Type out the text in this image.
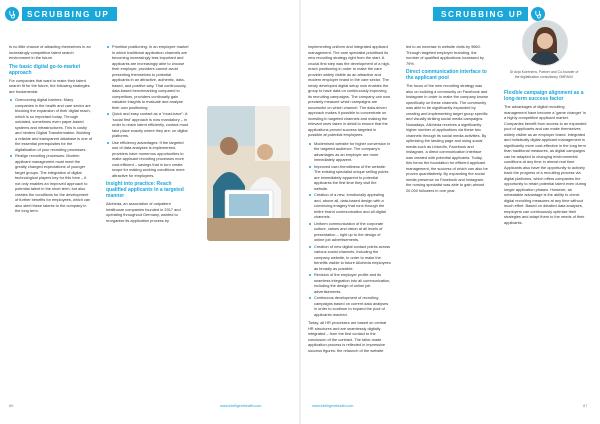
SCRUBBING UP

Is no little chance of attracting themselves in an increasingly competitive talent search environment in the future.

The basic digital go-to-market approach

For companies that want to make their talent search fit for the future, the following strategies are fundamental:

Overcoming digital barriers: Many companies in the health and care sector are blocking the expansion of their digital reach, which is so important today. Through outdated, sometimes even paper-based systems and infrastructures. This is costly and hinders Digital Transformation. Building a reliable and transparent database is one of the essential prerequisites for the digitalisation of your recruiting processes.
Realign recruiting processes: Modern applicant management must meet the greatly changed expectations of younger target groups. The integration of digital technological players key for this here – it not only enables an improved approach to potential talent in the short term, but also creates the conditions for the development of further benefits for employees, which can also steel these talents to the company in the long term.
Prioritise positioning: In an employee market in which traditional application channels are becoming increasingly less important and applicants are increasingly able to choose their employer, providers cannot avoid presenting themselves to potential applicants in an attractive, authentic, data-based, and positive way. That continuously, data-based benchmarking compared to competitors, providers continually gain valuable insights to evaluate and analyse their own positioning.
Quick and easy contact as a "must-have": A 'social first' approach is now mandatory – in order to reach talent efficiently, contact must take place exactly where they are: on digital platforms.
Use efficiency advantages: If the targeted use of data analyses is implemented, providers have numerous opportunities to make applicant recruiting processes more cost-efficient – savings that in turn create scope for making working conditions more attractive for employees.
Insight into practice: Reach qualified applicants in a targeted manner

Alloheda, an association of outpatient healthcare companies founded in 2017 and operating throughout Germany, wanted to reorganise its application process by

86	www.intelligenthealth.com
SCRUBBING UP

implementing uniform and integrated applicant management. The care specialist prioritised its new recruiting strategy right from the start. A crucial first step was the development of a high-reach positioning in order to make the care provider widely visible as an attractive and modern employer brand in the care sector. The newly developed digital setup now enables the group to have data on continuously improving its recruiting campaigns. The company can now precisely measure which campaigns are successful on which channel. The data-driven approach makes it possible to concentrate on investing in targeted channels and making the relevant ones taken in detail to ensure that the applications proved success targeted in possible at potential employees.

Modernised website for higher conversion in the targeted audience. The company's advantages as an employer are more immediately apparent.
Improved user-friendliness of the website: The existing specialist unique selling points are immediately apparent to potential applicants the first time they visit the website.
Creation of a new, emotionally appealing and, above all, data-based design with a convincing imagery that runs through the entire brand communication and all digital channels.
Uniform communication of the corporate culture, values and vision at all levels of presentation – right up to the design of online job advertisements.
Creation of new digital contact points across various social channels, including the company website, in order to make the benefits visible to future Alloheda employees as broadly as possible.
Revision of the employer profile and its seamless integration into all communication, including the design of online job advertisements.
Continuous development of recruiting campaigns based on current data analyses in order to continue to expand the pool of applicants reached.

Today, all HR processes are based on central HR structures and are seamlessly digitally integrated – from the first contact to the conclusion of the contract. The tailor-made application process is reflected in impressive success figures: the relaunch of the website

led to an increase in website visits by 9660. Through targeted employer branding, the number of qualified applications increased by 79%.

Direct communication interface to the applicant pool

The focus of the new recruiting strategy was also on building a community on Facebook and Instagram in order to make the company known specifically on these channels. The community was able to be significantly expanded by creating and implementing target group specific and visually striking social media campaigns. Nowadays, Alloheda receives a significantly higher number of applications via these two channels through its social media activities. By optimising the landing page and using social media such as LinkedIn, Facebook and Instagram, a direct communication interface was created with potential applicants. Today, this forms the foundation for efficient applicant management, the success of which can also be proven quantitatively. By expanding the social media presence on Facebook and Instagram, the nursing specialist was able to gain almost 20,000 followers in one year.

Dr Anja Kuehnens, Partner and Co-founder of the digitalisation consultancy OMFANX
Flexible campaign alignment as a long-term success factor

The advantages of digital recruiting management have become a 'game changer' in a highly competitive applicant market. Companies benefit from access to an expanded pool of applicants and can make themselves widely visible as an employer brand. Integrated and holistically digital applicant management is significantly more cost-effective in the long term than traditional measures, as digital campaigns can be adapted to changing environmental conditions at any time in almost real time. Applicants also have the opportunity to actively track the progress of a recruiting process via digital platforms, which offers companies the opportunity to retain potential talent even during longer application phases. However, an unbeatable advantage is the ability to check digital recruiting measures at any time without much effort. Based on detailed data analyses, employers can continuously optimise their strategies and adapt them to the needs of their applicants.

www.intelligenthealth.com	87
